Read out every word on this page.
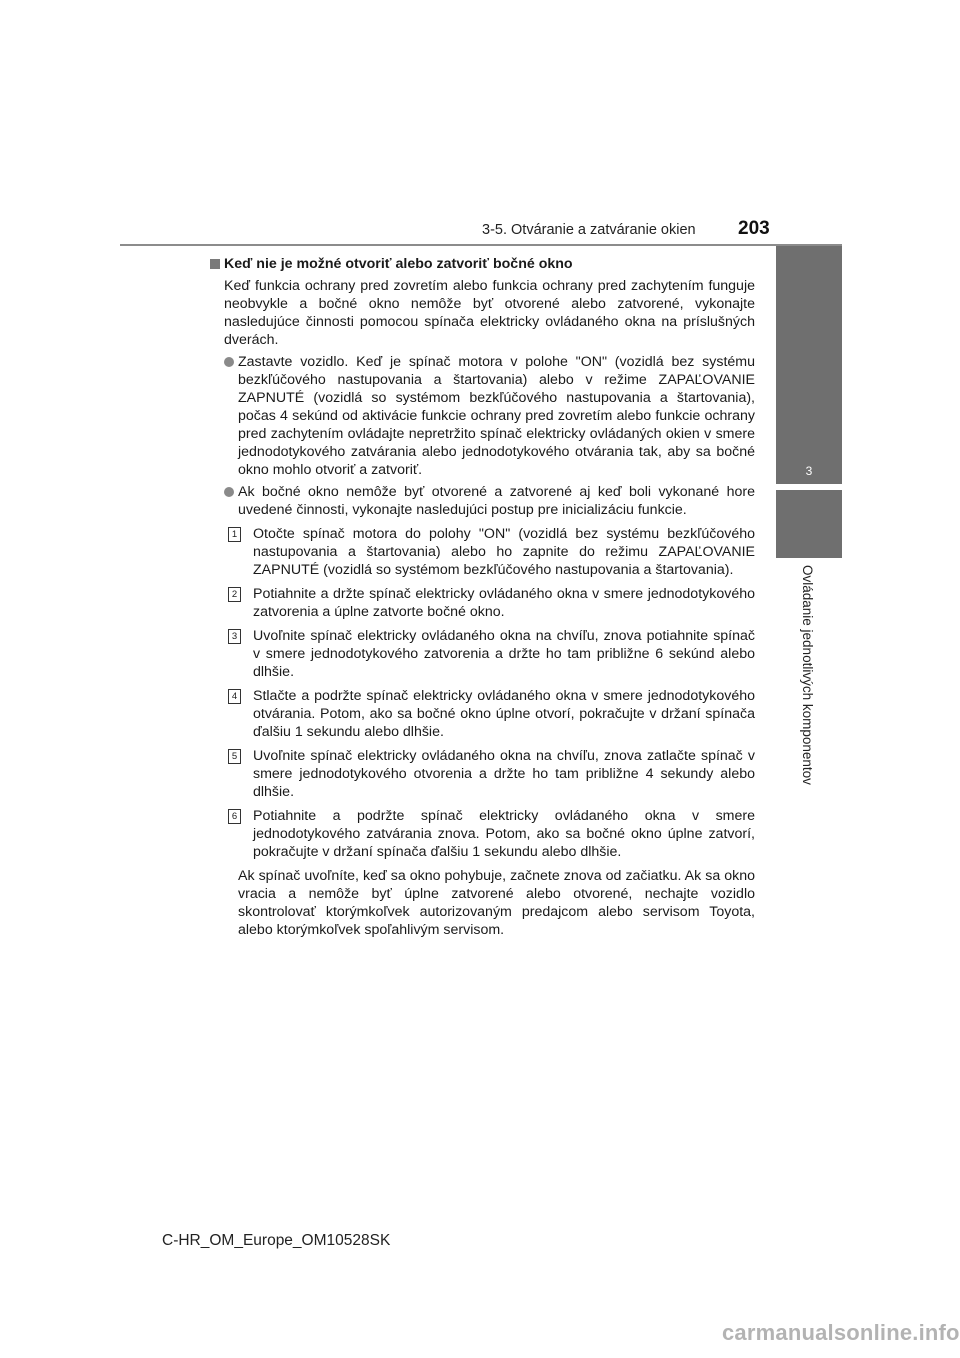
3-5. Otváranie a zatváranie okien 203
3
Ovládanie jednotlivých komponentov
Keď nie je možné otvoriť alebo zatvoriť bočné okno

Keď funkcia ochrany pred zovretím alebo funkcia ochrany pred zachytením funguje neobvykle a bočné okno nemôže byť otvorené alebo zatvorené, vykonajte nasledujúce činnosti pomocou spínača elektricky ovládaného okna na príslušných dverách.

Zastavte vozidlo. Keď je spínač motora v polohe "ON" (vozidlá bez systému bezkľúčového nastupovania a štartovania) alebo v režime ZAPAĽOVANIE ZAPNUTÉ (vozidlá so systémom bezkľúčového nastupovania a štartovania), počas 4 sekúnd od aktivácie funkcie ochrany pred zovretím alebo funkcie ochrany pred zachytením ovládajte nepretržito spínač elektricky ovládaných okien v smere jednodotykového zatvárania alebo jednodotykového otvárania tak, aby sa bočné okno mohlo otvoriť a zatvoriť.
Ak bočné okno nemôže byť otvorené a zatvorené aj keď boli vykonané hore uvedené činnosti, vykonajte nasledujúci postup pre inicializáciu funkcie.
1 Otočte spínač motora do polohy "ON" (vozidlá bez systému bezkľúčového nastupovania a štartovania) alebo ho zapnite do režimu ZAPAĽOVANIE ZAPNUTÉ (vozidlá so systémom bezkľúčového nastupovania a štartovania).
2 Potiahnite a držte spínač elektricky ovládaného okna v smere jednodotykového zatvorenia a úplne zatvorte bočné okno.
3 Uvoľnite spínač elektricky ovládaného okna na chvíľu, znova potiahnite spínač v smere jednodotykového zatvorenia a držte ho tam približne 6 sekúnd alebo dlhšie.
4 Stlačte a podržte spínač elektricky ovládaného okna v smere jednodotykového otvárania. Potom, ako sa bočné okno úplne otvorí, pokračujte v držaní spínača ďalšiu 1 sekundu alebo dlhšie.
5 Uvoľnite spínač elektricky ovládaného okna na chvíľu, znova zatlačte spínač v smere jednodotykového otvorenia a držte ho tam približne 4 sekundy alebo dlhšie.
6 Potiahnite a podržte spínač elektricky ovládaného okna v smere jednodotykového zatvárania znova. Potom, ako sa bočné okno úplne zatvorí, pokračujte v držaní spínača ďalšiu 1 sekundu alebo dlhšie.

Ak spínač uvoľníte, keď sa okno pohybuje, začnete znova od začiatku. Ak sa okno vracia a nemôže byť úplne zatvorené alebo otvorené, nechajte vozidlo skontrolovať ktorýmkoľvek autorizovaným predajcom alebo servisom Toyota, alebo ktorýmkoľvek spoľahlivým servisom.

C-HR_OM_Europe_OM10528SK
carmanualsonline.info
